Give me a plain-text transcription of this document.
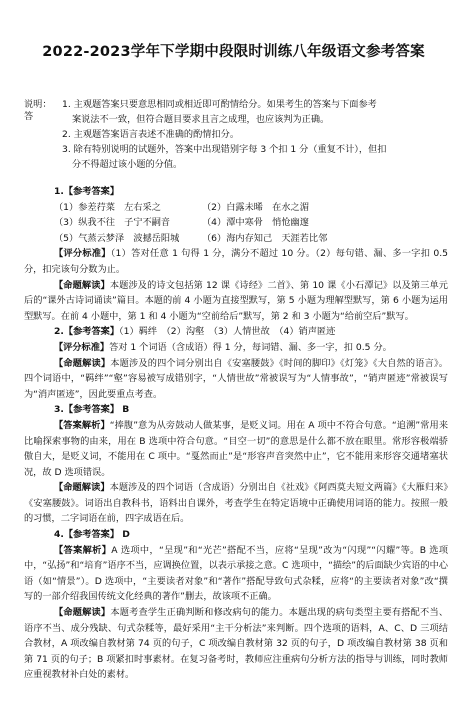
2022-2023学年下学期中段限时训练八年级语文参考答案
说明：
答
1. 主观题答案只要意思相同或相近即可酌情给分。如果考生的答案与下面参考
案说法不一致，但符合题目要求且言之成理，也应该判为正确。
2. 主观题答案语言表述不准确的酌情扣分。
3. 除有特别说明的试题外，答案中出现错别字每 3 个扣 1 分（重复不计），但扣
分不得超过该小题的分值。

1.【参考答案】

（1）参差荇菜　左右采之	（2）白露未晞　在水之湄

（3）纵我不往　子宁不嗣音	（4）潭中寒骨　悄怆幽邃

（5）气蒸云梦泽　波撼岳阳城	（6）海内存知己　天涯若比邻

【评分标准】（1）答对任意 1 句得 1 分，满分不超过 10 分。（2）每句错、漏、多一字扣 0.5 分，扣完该句分数为止。

【命题解读】本题涉及的诗文包括第 12 课《诗经》二首》、第 10 课《小石潭记》以及第三单元后的“课外古诗词诵读”篇目。本题的前 4 小题为直接型默写，第 5 小题为理解型默写，第 6 小题为运用型默写。在前 4 小题中，第 1 和 4 小题为“空前给后”默写，第 2 和 3 小题为“给前空后”默写。

2.【参考答案】（1）羁绊　（2）沟壑　（3）人情世故　（4）销声匿迹

【评分标准】答对 1 个词语（含成语）得 1 分，每词错、漏、多一字，扣 0.5 分。

【命题解读】本题涉及的四个词分别出自《安塞腰鼓》《时间的脚印》《灯笼》《大自然的语言》。四个词语中，“羁绊”“壑”容易被写成错别字，“人情世故”常被误写为“人情事故”，“销声匿迹”常被误写为“消声匿迹”，因此要重点考查。

3.【参考答案】 B

【答案解析】“捧腹”意为从旁鼓动人做某事，是贬义词。用在 A 项中不符合句意。“追溯”常用来比喻探索事物的由来，用在 B 选项中符合句意。“目空一切”的意思是什么都不放在眼里。常形容极端骄傲自大，是贬义词，不能用在 C 项中。“戛然而止”是“形容声音突然中止”，它不能用来形容交通堵塞状况，故 D 选项错误。

【命题解读】本题涉及的四个词语（含成语）分别出自《社戏》《阿西莫夫短文两篇》《大雁归来》《安塞腰鼓》。词语出自教科书，语料出自课外，考查学生在特定语境中正确使用词语的能力。按照一般的习惯，二字词语在前，四字成语在后。

4.【参考答案】 D

【答案解析】A 选项中，“呈现”和“光芒”搭配不当，应将“呈现”改为“闪现”“闪耀”等。B 选项中，“弘扬”和“培育”语序不当，应调换位置，以表示承接之意。C 选项中，“描绘”的后面缺少宾语的中心语（如“情景”）。D 选项中，“主要读者对象”和“著作”搭配导致句式杂糅，应将“的主要读者对象”改“撰写的一部介绍我国传统文化经典的著作”删去，故该项不正确。

【命题解读】本题考查学生正确判断和修改病句的能力。本题出现的病句类型主要有搭配不当、语序不当、成分残缺、句式杂糅等，最好采用“主干分析法”来判断。四个选项的语料，A、C、D 三项结合教材，A 项改编自教材第 74 页的句子，C 项改编自教材第 32 页的句子，D 项改编自教材第 38 页和第 71 页的句子；B 项紧扣时事素材。在复习备考时，教师应注重病句分析方法的指导与训练，同时教师应重视教材补白处的素材。
